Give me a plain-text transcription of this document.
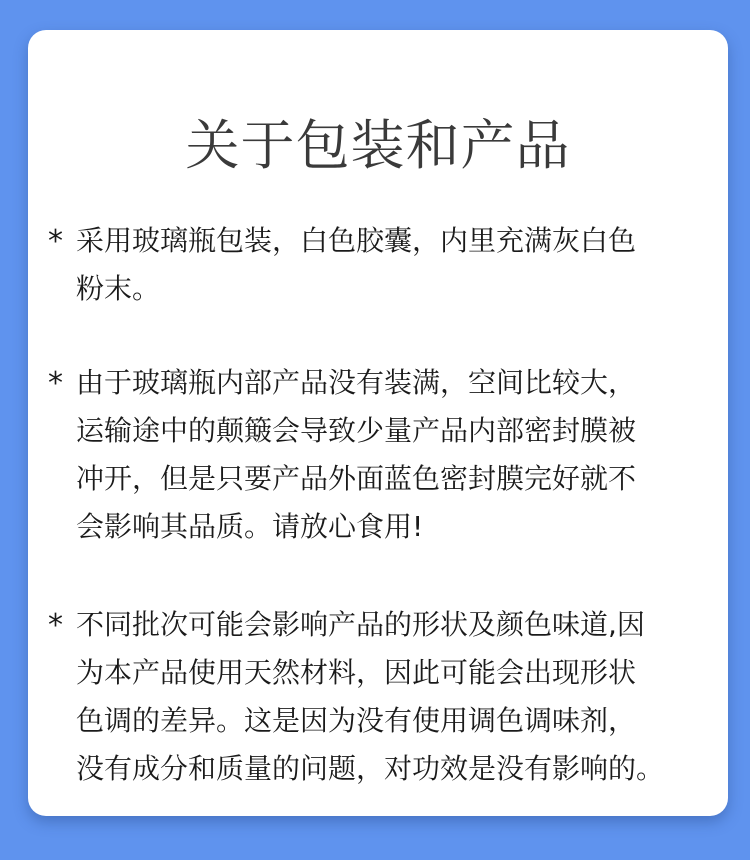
关于包装和产品
* 采用玻璃瓶包装，白色胶囊，内里充满灰白色
粉末。
* 由于玻璃瓶内部产品没有装满，空间比较大，
运输途中的颠簸会导致少量产品内部密封膜被
冲开，但是只要产品外面蓝色密封膜完好就不
会影响其品质。请放心食用!
* 不同批次可能会影响产品的形状及颜色味道,因
为本产品使用天然材料，因此可能会出现形状
色调的差异。这是因为没有使用调色调味剂，
没有成分和质量的问题，对功效是没有影响的。
